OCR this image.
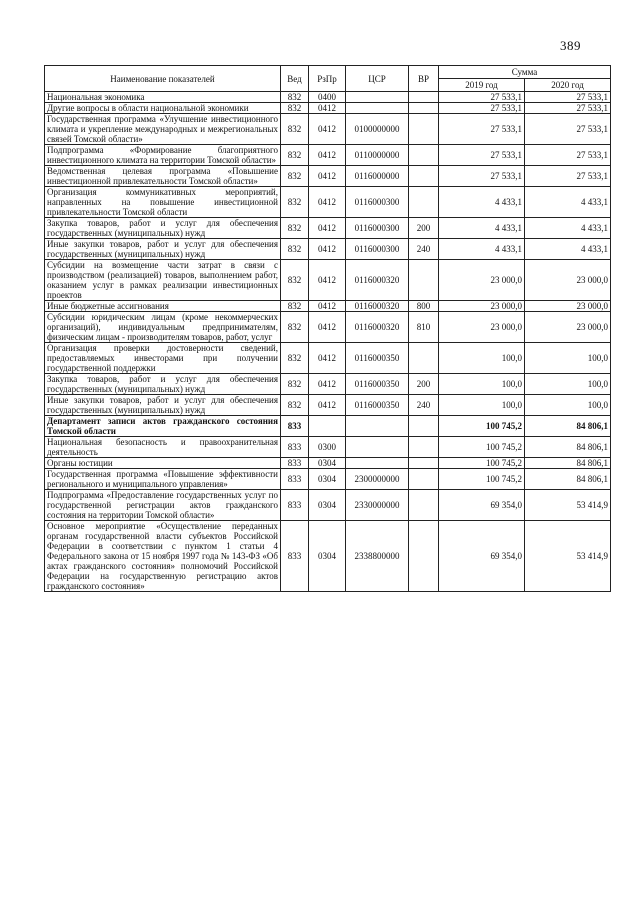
389
Наименование показателей	Вед	РзПр	ЦСР	ВР	Сумма	
					2019 год	2020 год
Национальная экономика	832	0400			27 533,1	27 533,1
Другие вопросы в области национальной экономики	832	0412			27 533,1	27 533,1
Государственная программа «Улучшение инвестиционного климата и укрепление международных и межрегиональных связей Томской области»	832	0412	0100000000		27 533,1	27 533,1
Подпрограмма «Формирование благоприятного инвестиционного климата на территории Томской области»	832	0412	0110000000		27 533,1	27 533,1
Ведомственная целевая программа «Повышение инвестиционной привлекательности Томской области»	832	0412	0116000000		27 533,1	27 533,1
Организация коммуникативных мероприятий, направленных на повышение инвестиционной привлекательности Томской области	832	0412	0116000300		4 433,1	4 433,1
Закупка товаров, работ и услуг для обеспечения государственных (муниципальных) нужд	832	0412	0116000300	200	4 433,1	4 433,1
Иные закупки товаров, работ и услуг для обеспечения государственных (муниципальных) нужд	832	0412	0116000300	240	4 433,1	4 433,1
Субсидии на возмещение части затрат в связи с производством (реализацией) товаров, выполнением работ, оказанием услуг в рамках реализации инвестиционных проектов	832	0412	0116000320		23 000,0	23 000,0
Иные бюджетные ассигнования	832	0412	0116000320	800	23 000,0	23 000,0
Субсидии юридическим лицам (кроме некоммерческих организаций), индивидуальным предпринимателям, физическим лицам - производителям товаров, работ, услуг	832	0412	0116000320	810	23 000,0	23 000,0
Организация проверки достоверности сведений, предоставляемых инвесторами при получении государственной поддержки	832	0412	0116000350		100,0	100,0
Закупка товаров, работ и услуг для обеспечения государственных (муниципальных) нужд	832	0412	0116000350	200	100,0	100,0
Иные закупки товаров, работ и услуг для обеспечения государственных (муниципальных) нужд	832	0412	0116000350	240	100,0	100,0
Департамент записи актов гражданского состояния Томской области	833				100 745,2	84 806,1
Национальная безопасность и правоохранительная деятельность	833	0300			100 745,2	84 806,1
Органы юстиции	833	0304			100 745,2	84 806,1
Государственная программа «Повышение эффективности регионального и муниципального управления»	833	0304	2300000000		100 745,2	84 806,1
Подпрограмма «Предоставление государственных услуг по государственной регистрации актов гражданского состояния на территории Томской области»	833	0304	2330000000		69 354,0	53 414,9
Основное мероприятие «Осуществление переданных органам государственной власти субъектов Российской Федерации в соответствии с пунктом 1 статьи 4 Федерального закона от 15 ноября 1997 года № 143-ФЗ «Об актах гражданского состояния» полномочий Российской Федерации на государственную регистрацию актов гражданского состояния»	833	0304	2338800000		69 354,0	53 414,9
